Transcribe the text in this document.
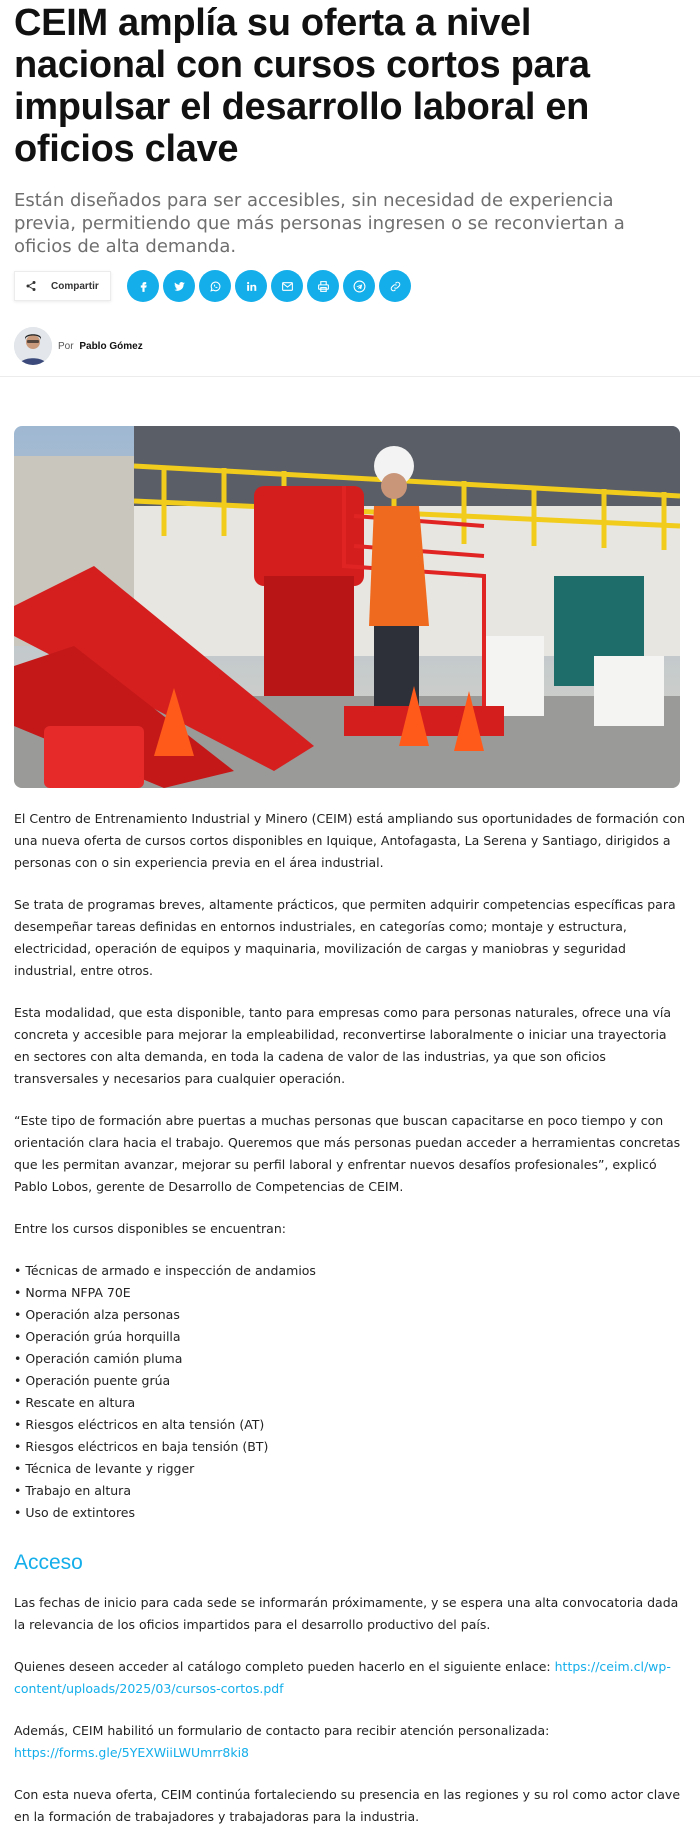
CEIM amplía su oferta a nivel nacional con cursos cortos para impulsar el desarrollo laboral en oficios clave

Están diseñados para ser accesibles, sin necesidad de experiencia previa, permitiendo que más personas ingresen o se reconviertan a oficios de alta demanda.

Compartir
Por Pablo Gómez

El Centro de Entrenamiento Industrial y Minero (CEIM) está ampliando sus oportunidades de formación con una nueva oferta de cursos cortos disponibles en Iquique, Antofagasta, La Serena y Santiago, dirigidos a personas con o sin experiencia previa en el área industrial.

Se trata de programas breves, altamente prácticos, que permiten adquirir competencias específicas para desempeñar tareas definidas en entornos industriales, en categorías como; montaje y estructura, electricidad, operación de equipos y maquinaria, movilización de cargas y maniobras y seguridad industrial, entre otros.

Esta modalidad, que esta disponible, tanto para empresas como para personas naturales, ofrece una vía concreta y accesible para mejorar la empleabilidad, reconvertirse laboralmente o iniciar una trayectoria en sectores con alta demanda, en toda la cadena de valor de las industrias, ya que son oficios transversales y necesarios para cualquier operación.

“Este tipo de formación abre puertas a muchas personas que buscan capacitarse en poco tiempo y con orientación clara hacia el trabajo. Queremos que más personas puedan acceder a herramientas concretas que les permitan avanzar, mejorar su perfil laboral y enfrentar nuevos desafíos profesionales”, explicó Pablo Lobos, gerente de Desarrollo de Competencias de CEIM.

Entre los cursos disponibles se encuentran:

• Técnicas de armado e inspección de andamios
• Norma NFPA 70E
• Operación alza personas
• Operación grúa horquilla
• Operación camión pluma
• Operación puente grúa
• Rescate en altura
• Riesgos eléctricos en alta tensión (AT)
• Riesgos eléctricos en baja tensión (BT)
• Técnica de levante y rigger
• Trabajo en altura
• Uso de extintores
Acceso

Las fechas de inicio para cada sede se informarán próximamente, y se espera una alta convocatoria dada la relevancia de los oficios impartidos para el desarrollo productivo del país.

Quienes deseen acceder al catálogo completo pueden hacerlo en el siguiente enlace: https://ceim.cl/wp-content/uploads/2025/03/cursos-cortos.pdf

Además, CEIM habilitó un formulario de contacto para recibir atención personalizada: https://forms.gle/5YEXWiiLWUmrr8ki8

Con esta nueva oferta, CEIM continúa fortaleciendo su presencia en las regiones y su rol como actor clave en la formación de trabajadores y trabajadoras para la industria.
